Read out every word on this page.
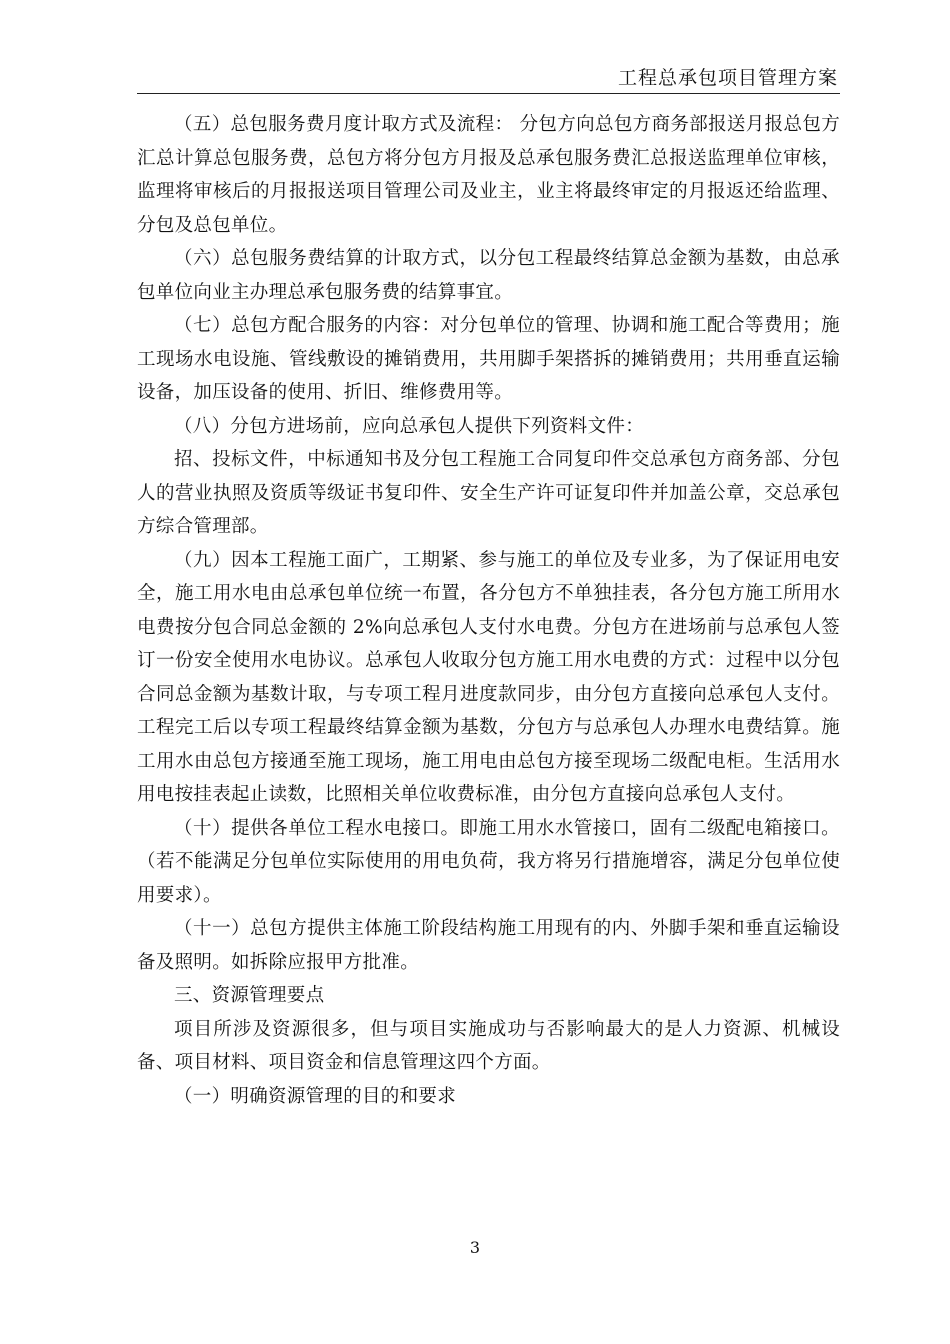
工程总承包项目管理方案

（五）总包服务费月度计取方式及流程： 分包方向总包方商务部报送月报总包方汇总计算总包服务费，总包方将分包方月报及总承包服务费汇总报送监理单位审核，监理将审核后的月报报送项目管理公司及业主，业主将最终审定的月报返还给监理、分包及总包单位。

（六）总包服务费结算的计取方式，以分包工程最终结算总金额为基数，由总承包单位向业主办理总承包服务费的结算事宜。

（七）总包方配合服务的内容：对分包单位的管理、协调和施工配合等费用；施工现场水电设施、管线敷设的摊销费用，共用脚手架搭拆的摊销费用；共用垂直运输设备，加压设备的使用、折旧、维修费用等。

（八）分包方进场前，应向总承包人提供下列资料文件：

招、投标文件，中标通知书及分包工程施工合同复印件交总承包方商务部、分包人的营业执照及资质等级证书复印件、安全生产许可证复印件并加盖公章，交总承包方综合管理部。

（九）因本工程施工面广，工期紧、参与施工的单位及专业多，为了保证用电安全，施工用水电由总承包单位统一布置，各分包方不单独挂表，各分包方施工所用水电费按分包合同总金额的 2%向总承包人支付水电费。分包方在进场前与总承包人签订一份安全使用水电协议。总承包人收取分包方施工用水电费的方式：过程中以分包合同总金额为基数计取，与专项工程月进度款同步，由分包方直接向总承包人支付。工程完工后以专项工程最终结算金额为基数，分包方与总承包人办理水电费结算。施工用水由总包方接通至施工现场，施工用电由总包方接至现场二级配电柜。生活用水用电按挂表起止读数，比照相关单位收费标准，由分包方直接向总承包人支付。

（十）提供各单位工程水电接口。即施工用水水管接口，固有二级配电箱接口。（若不能满足分包单位实际使用的用电负荷，我方将另行措施增容，满足分包单位使用要求）。

（十一）总包方提供主体施工阶段结构施工用现有的内、外脚手架和垂直运输设备及照明。如拆除应报甲方批准。

三、资源管理要点

项目所涉及资源很多，但与项目实施成功与否影响最大的是人力资源、机械设备、项目材料、项目资金和信息管理这四个方面。

（一）明确资源管理的目的和要求

3
